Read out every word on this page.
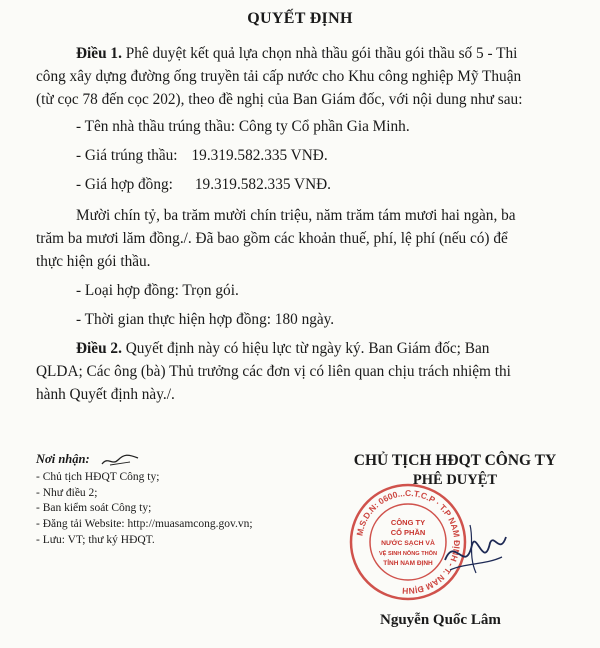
QUYẾT ĐỊNH
Điều 1. Phê duyệt kết quả lựa chọn nhà thầu gói thầu gói thầu số 5 - Thi
công xây dựng đường ống truyền tải cấp nước cho Khu công nghiệp Mỹ Thuận
(từ cọc 78 đến cọc 202), theo đề nghị của Ban Giám đốc, với nội dung như sau:
- Tên nhà thầu trúng thầu: Công ty Cổ phần Gia Minh.
- Giá trúng thầu: 19.319.582.335 VNĐ.
- Giá hợp đồng: 19.319.582.335 VNĐ.
Mười chín tỷ, ba trăm mười chín triệu, năm trăm tám mươi hai ngàn, ba
trăm ba mươi lăm đồng./. Đã bao gồm các khoản thuế, phí, lệ phí (nếu có) để
thực hiện gói thầu.
- Loại hợp đồng: Trọn gói.
- Thời gian thực hiện hợp đồng: 180 ngày.
Điều 2. Quyết định này có hiệu lực từ ngày ký. Ban Giám đốc; Ban
QLDA; Các ông (bà) Thủ trưởng các đơn vị có liên quan chịu trách nhiệm thi
hành Quyết định này./.
Nơi nhận:
- Chủ tịch HĐQT Công ty;
- Như điều 2;
- Ban kiểm soát Công ty;
- Đăng tải Website: http://muasamcong.gov.vn;
- Lưu: VT; thư ký HĐQT.
CHỦ TỊCH HĐQT CÔNG TY
PHÊ DUYỆT
M.S.D.N: 0600...C.T.C.P · T.P NAM ĐỊNH - T. NAM ĐỊNH
CÔNG TY
CỔ PHẦN
NƯỚC SẠCH VÀ
VỆ SINH NÔNG THÔN
TỈNH NAM ĐỊNH
Nguyễn Quốc Lâm
